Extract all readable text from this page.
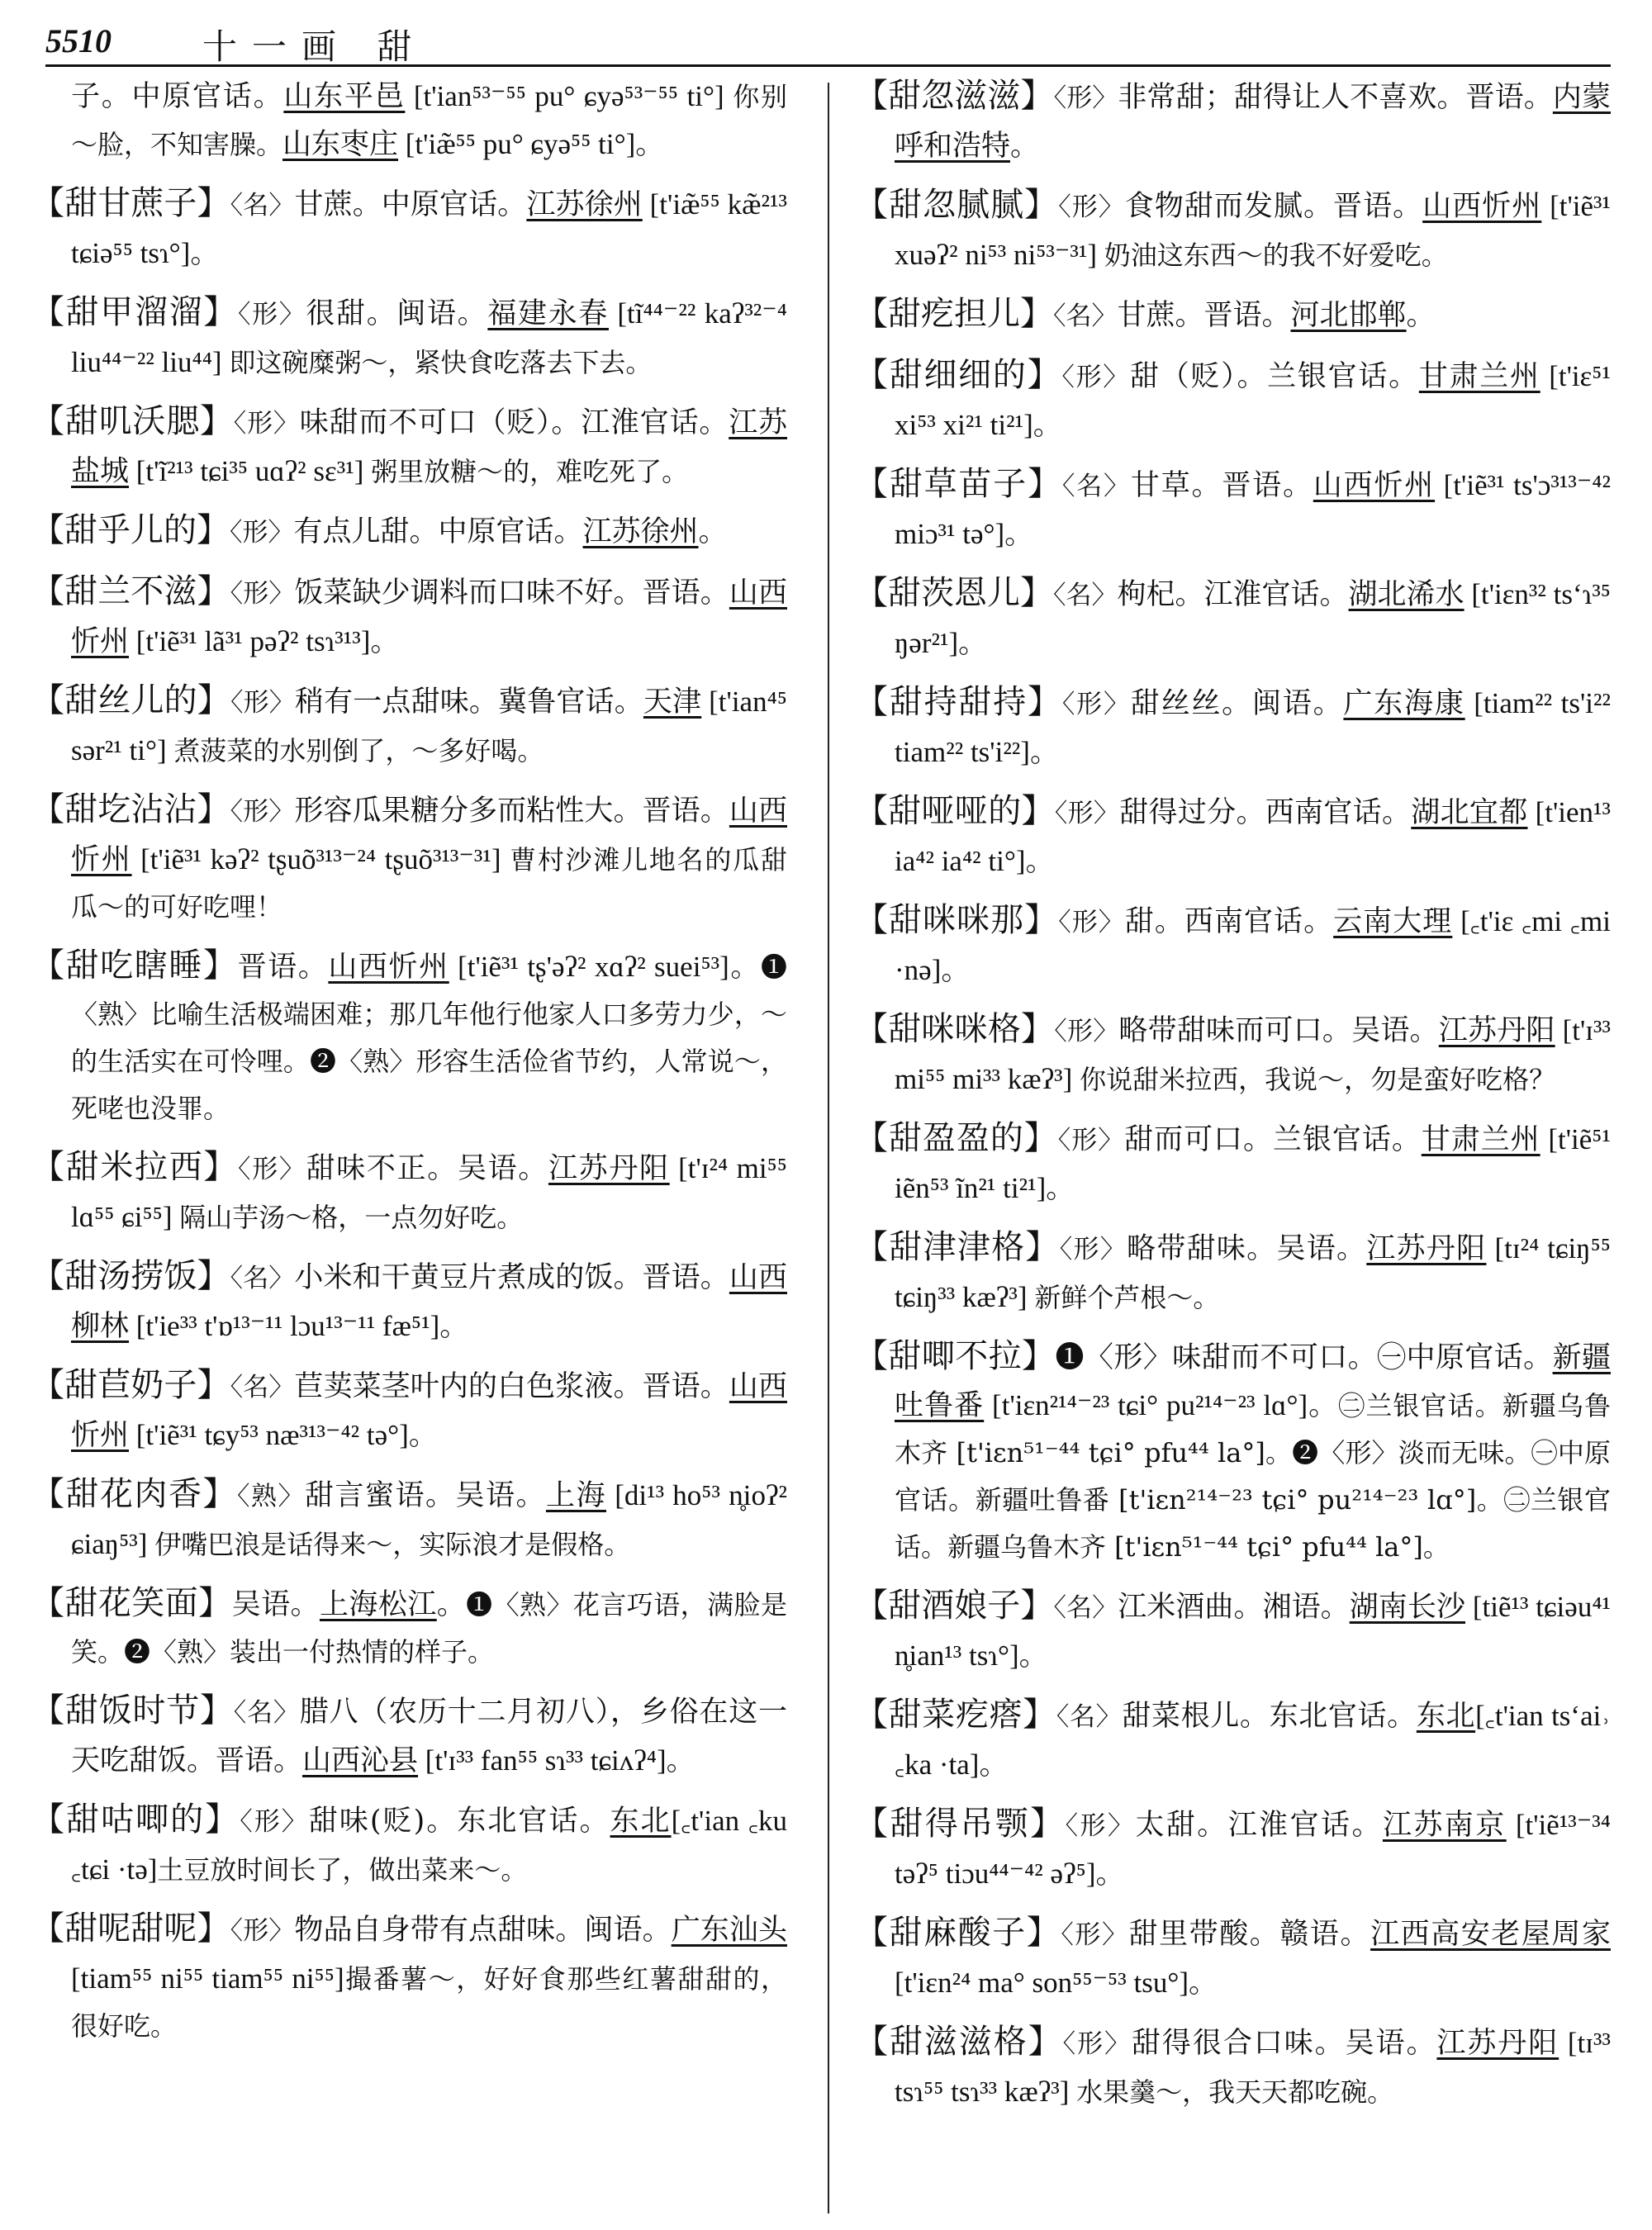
5510	十一画 甜

子。中原官话。山东平邑 [t'ian⁵³⁻⁵⁵ pu° ɕyə⁵³⁻⁵⁵ ti°] 你别～脸，不知害臊。山东枣庄 [t'iæ̃⁵⁵ pu° ɕyə⁵⁵ ti°]。

【甜甘蔗子】〈名〉甘蔗。中原官话。江苏徐州 [t'iæ̃⁵⁵ kæ̃²¹³ tɕiə⁵⁵ tsɿ°]。

【甜甲溜溜】〈形〉很甜。闽语。福建永春 [tĩ⁴⁴⁻²² kaʔ³²⁻⁴ liu⁴⁴⁻²² liu⁴⁴] 即这碗糜粥～，紧快食吃落去下去。

【甜叽沃腮】〈形〉味甜而不可口（贬）。江淮官话。江苏盐城 [t'ĩ²¹³ tɕi³⁵ uɑʔ² sɛ³¹] 粥里放糖～的，难吃死了。

【甜乎儿的】〈形〉有点儿甜。中原官话。江苏徐州。

【甜兰不滋】〈形〉饭菜缺少调料而口味不好。晋语。山西忻州 [t'iẽ³¹ lã³¹ pəʔ² tsɿ³¹³]。

【甜丝儿的】〈形〉稍有一点甜味。冀鲁官话。天津 [t'ian⁴⁵ sər²¹ ti°] 煮菠菜的水别倒了，～多好喝。

【甜圪沾沾】〈形〉形容瓜果糖分多而粘性大。晋语。山西忻州 [t'iẽ³¹ kəʔ² tʂuõ³¹³⁻²⁴ tʂuõ³¹³⁻³¹] 曹村沙滩儿地名的瓜甜瓜～的可好吃哩！

【甜吃瞎睡】晋语。山西忻州 [t'iẽ³¹ tʂ'əʔ² xɑʔ² suei⁵³]。❶〈熟〉比喻生活极端困难；那几年他行他家人口多劳力少，～的生活实在可怜哩。❷〈熟〉形容生活俭省节约，人常说～，死咾也没罪。

【甜米拉西】〈形〉甜味不正。吴语。江苏丹阳 [t'ɪ²⁴ mi⁵⁵ lɑ⁵⁵ ɕi⁵⁵] 隔山芋汤～格，一点勿好吃。

【甜汤捞饭】〈名〉小米和干黄豆片煮成的饭。晋语。山西柳林 [t'ie³³ t'ɒ¹³⁻¹¹ lɔu¹³⁻¹¹ fæ⁵¹]。

【甜苣奶子】〈名〉苣荬菜茎叶内的白色浆液。晋语。山西忻州 [t'iẽ³¹ tɕy⁵³ næ³¹³⁻⁴² tə°]。

【甜花肉香】〈熟〉甜言蜜语。吴语。上海 [di¹³ ho⁵³ n̥ioʔ² ɕiaŋ⁵³] 伊嘴巴浪是话得来～，实际浪才是假格。

【甜花笑面】吴语。上海松江。❶〈熟〉花言巧语，满脸是笑。❷〈熟〉装出一付热情的样子。

【甜饭时节】〈名〉腊八（农历十二月初八），乡俗在这一天吃甜饭。晋语。山西沁县 [t'ɪ³³ fan⁵⁵ sɿ³³ tɕiʌʔ⁴]。

【甜咕唧的】〈形〉甜味(贬)。东北官话。东北[꜀t'ian ꜀ku ꜀tɕi ·tə]土豆放时间长了，做出菜来～。

【甜呢甜呢】〈形〉物品自身带有点甜味。闽语。广东汕头[tiam⁵⁵ ni⁵⁵ tiam⁵⁵ ni⁵⁵]撮番薯～，好好食那些红薯甜甜的，很好吃。

【甜忽滋滋】〈形〉非常甜；甜得让人不喜欢。晋语。内蒙呼和浩特。

【甜忽腻腻】〈形〉食物甜而发腻。晋语。山西忻州 [t'iẽ³¹ xuəʔ² ni⁵³ ni⁵³⁻³¹] 奶油这东西～的我不好爱吃。

【甜疙担儿】〈名〉甘蔗。晋语。河北邯郸。

【甜细细的】〈形〉甜（贬）。兰银官话。甘肃兰州 [t'iɛ⁵¹ xi⁵³ xi²¹ ti²¹]。

【甜草苗子】〈名〉甘草。晋语。山西忻州 [t'iẽ³¹ ts'ɔ³¹³⁻⁴² miɔ³¹ tə°]。

【甜茨恩儿】〈名〉枸杞。江淮官话。湖北浠水 [t'iɛn³² tsʻɿ³⁵ ŋər²¹]。

【甜持甜持】〈形〉甜丝丝。闽语。广东海康 [tiam²² ts'i²² tiam²² ts'i²²]。

【甜哑哑的】〈形〉甜得过分。西南官话。湖北宜都 [t'ien¹³ ia⁴² ia⁴² ti°]。

【甜咪咪那】〈形〉甜。西南官话。云南大理 [꜀t'iɛ ꜀mi ꜀mi ·nə]。

【甜咪咪格】〈形〉略带甜味而可口。吴语。江苏丹阳 [t'ɪ³³ mi⁵⁵ mi³³ kæʔ³] 你说甜米拉西，我说～，勿是蛮好吃格？

【甜盈盈的】〈形〉甜而可口。兰银官话。甘肃兰州 [t'iẽ⁵¹ iẽn⁵³ ĩn²¹ ti²¹]。

【甜津津格】〈形〉略带甜味。吴语。江苏丹阳 [tɪ²⁴ tɕiŋ⁵⁵ tɕiŋ³³ kæʔ³] 新鲜个芦根～。

【甜唧不拉】❶〈形〉味甜而不可口。㊀中原官话。新疆吐鲁番 [t'iɛn²¹⁴⁻²³ tɕi° pu²¹⁴⁻²³ lɑ°]。㊁兰银官话。新疆乌鲁木齐 [t'iɛn⁵¹⁻⁴⁴ tɕi° pfu⁴⁴ la°]。❷〈形〉淡而无味。㊀中原官话。新疆吐鲁番 [t'iɛn²¹⁴⁻²³ tɕi° pu²¹⁴⁻²³ lɑ°]。㊁兰银官话。新疆乌鲁木齐 [t'iɛn⁵¹⁻⁴⁴ tɕi° pfu⁴⁴ la°]。

【甜酒娘子】〈名〉江米酒曲。湘语。湖南长沙 [tiẽ¹³ tɕiəu⁴¹ n̥ian¹³ tsɿ°]。

【甜菜疙瘩】〈名〉甜菜根儿。东北官话。东北[꜀t'ian tsʻai˒ ꜀ka ·ta]。

【甜得吊颚】〈形〉太甜。江淮官话。江苏南京 [t'iẽ¹³⁻³⁴ təʔ⁵ tiɔu⁴⁴⁻⁴² əʔ⁵]。

【甜麻酸子】〈形〉甜里带酸。赣语。江西高安老屋周家 [t'iɛn²⁴ ma° son⁵⁵⁻⁵³ tsu°]。

【甜滋滋格】〈形〉甜得很合口味。吴语。江苏丹阳 [tɪ³³ tsɿ⁵⁵ tsɿ³³ kæʔ³] 水果羹～，我天天都吃碗。
